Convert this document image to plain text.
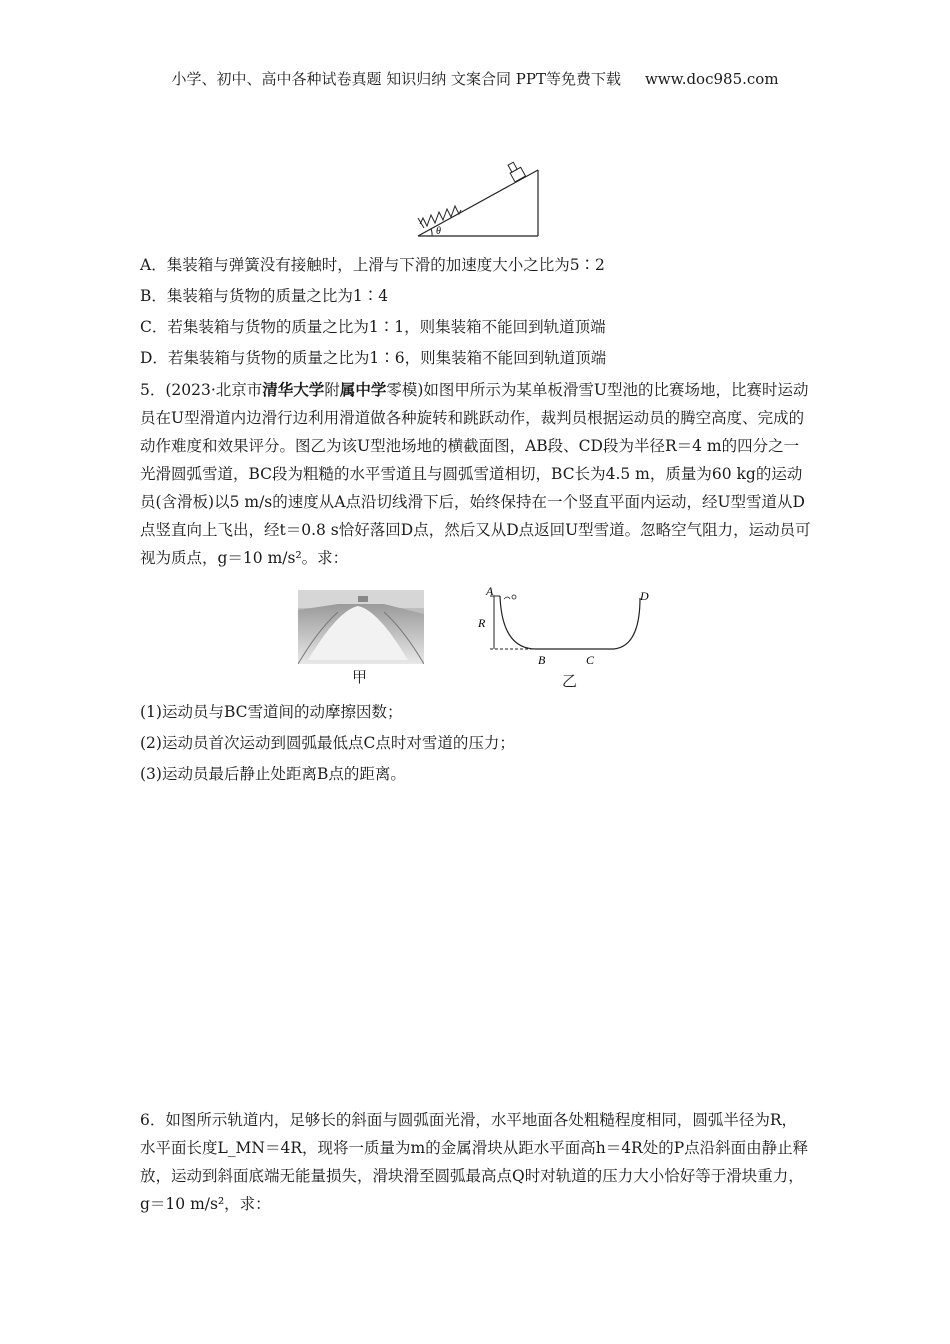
小学、初中、高中各种试卷真题 知识归纳 文案合同 PPT等免费下载 www.doc985.com
θ

A．集装箱与弹簧没有接触时，上滑与下滑的加速度大小之比为5∶2

B．集装箱与货物的质量之比为1∶4

C．若集装箱与货物的质量之比为1∶1，则集装箱不能回到轨道顶端

D．若集装箱与货物的质量之比为1∶6，则集装箱不能回到轨道顶端

5．(2023·北京市清华大学附属中学零模)如图甲所示为某单板滑雪U型池的比赛场地，比赛时运动员在U型滑道内边滑行边利用滑道做各种旋转和跳跃动作，裁判员根据运动员的腾空高度、完成的动作难度和效果评分。图乙为该U型池场地的横截面图，AB段、CD段为半径R＝4 m的四分之一光滑圆弧雪道，BC段为粗糙的水平雪道且与圆弧雪道相切，BC长为4.5 m，质量为60 kg的运动员(含滑板)以5 m/s的速度从A点沿切线滑下后，始终保持在一个竖直平面内运动，经U型雪道从D点竖直向上飞出，经t＝0.8 s恰好落回D点，然后又从D点返回U型雪道。忽略空气阻力，运动员可视为质点，g＝10 m/s²。求：

甲
A
R
B	C
D
乙

(1)运动员与BC雪道间的动摩擦因数；

(2)运动员首次运动到圆弧最低点C点时对雪道的压力；

(3)运动员最后静止处距离B点的距离。

6．如图所示轨道内，足够长的斜面与圆弧面光滑，水平地面各处粗糙程度相同，圆弧半径为R，水平面长度L_MN＝4R，现将一质量为m的金属滑块从距水平面高h＝4R处的P点沿斜面由静止释放，运动到斜面底端无能量损失，滑块滑至圆弧最高点Q时对轨道的压力大小恰好等于滑块重力，g＝10 m/s²，求：
